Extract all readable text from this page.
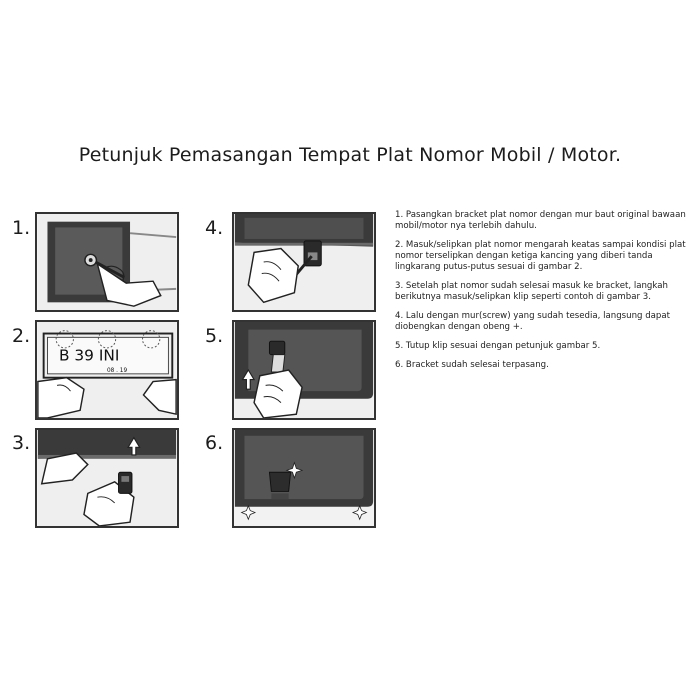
Petunjuk Pemasangan Tempat Plat Nomor Mobil / Motor.
1.
2.
3.
4.
5.
6.
B 39 INI
08 . 19

1. Pasangkan bracket plat nomor dengan mur baut original bawaan mobil/motor nya terlebih dahulu.

2. Masuk/selipkan plat nomor mengarah keatas sampai kondisi plat nomor terselipkan dengan ketiga kancing yang diberi tanda lingkarang putus-putus sesuai di gambar 2.

3. Setelah plat nomor sudah selesai masuk ke bracket, langkah berikutnya masuk/selipkan klip seperti contoh di gambar 3.

4. Lalu dengan mur(screw) yang sudah tesedia, langsung dapat diobengkan dengan obeng +.

5. Tutup klip sesuai dengan petunjuk gambar 5.

6. Bracket sudah selesai terpasang.
